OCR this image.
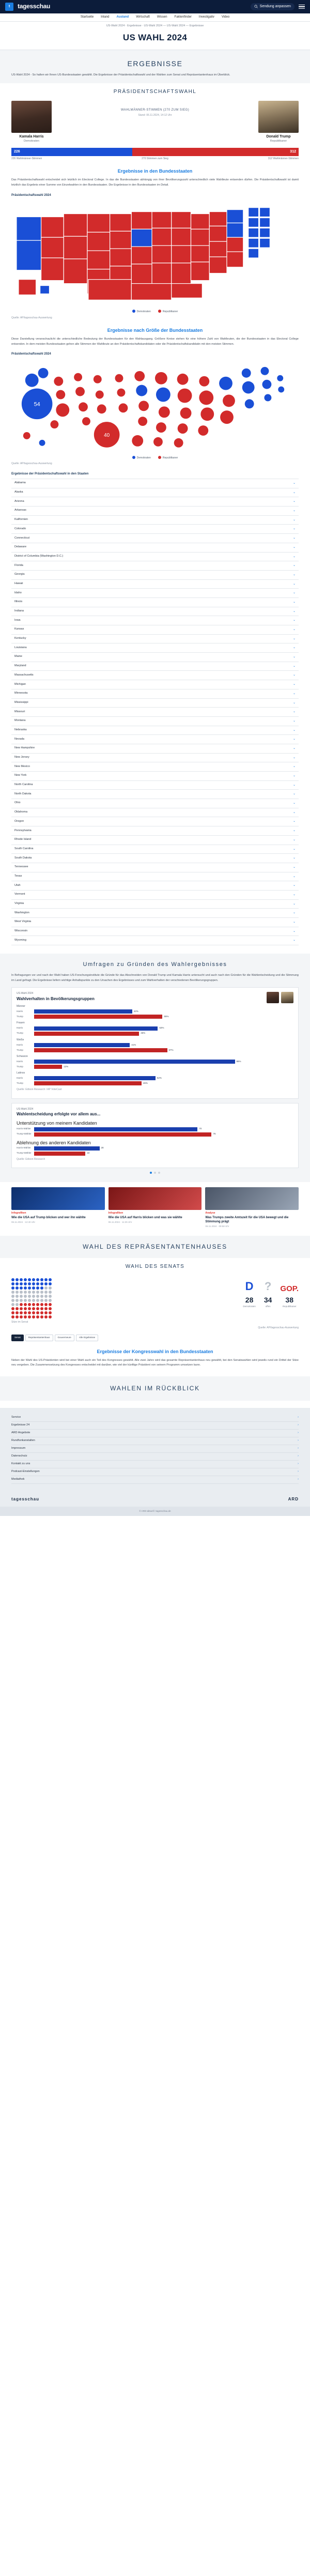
t	tagesschau	Sendung anpassen
Startseite Inland Ausland Wirtschaft Wissen Faktenfinder Investigativ Video
US-Wahl 2024 · Ergebnisse · US-Wahl 2024 — US-Wahl 2024 — Ergebnisse
US WAHL 2024
ERGEBNISSE

US-Wahl 2024 - So halten wir Ihnen US-Bundesstaaten gewählt. Die Ergebnisse der Präsidentschaftswahl und der Wahlen zum Senat und Repräsentantenhaus im Überblick.

PRÄSIDENTSCHAFTSWAHL
Kamala Harris
Demokraten
WAHLMÄNNER-STIMMEN (270 ZUM SIEG)
Stand: 06.11.2024, 14:12 Uhr
Donald Trump
Republikaner
226	312
226 Wahlmänner-Stimmen	270 Stimmen zum Sieg	312 Wahlmänner-Stimmen
Ergebnisse in den Bundesstaaten

Das Präsidentschaftswahl entscheidet sich letztlich im Electoral College. In das die Bundesstaaten abhängig von ihrer Bevölkerungszahl unterschiedlich viele Wahlleute entsenden dürfen. Die Präsidentschaftswahl ist damit letztlich das Ergebnis einer Summe von Einzelwahlen in den Bundesstaaten. Die Ergebnisse in den Bundesstaaten im Detail.

Präsidentschaftswahl 2024
Demokraten	Republikaner
Quelle: AP/tagesschau-Auswertung
Ergebnisse nach Größe der Bundesstaaten

Diese Darstellung veranschaulicht die unterschiedliche Bedeutung der Bundesstaaten für den Wahlausgang. Größere Kreise stehen für eine höhere Zahl von Wahlleuten, die der Bundesstaaten in das Electoral College entsenden. In dem meisten Bundesstaaten gehen alle Stimmen der Wahlleute an den Präsidentschaftskandidaten oder die Präsidentschaftskandidatin mit den meisten Stimmen.

Präsidentschaftswahl 2024
54
40
Demokraten	Republikaner
Quelle: AP/tagesschau-Auswertung
Ergebnisse der Präsidentschaftswahl in den Staaten
Alabama	⌄
Alaska	⌄
Arizona	⌄
Arkansas	⌄
Kalifornien	⌄
Colorado	⌄
Connecticut	⌄
Delaware	⌄
District of Columbia (Washington D.C.)	⌄
Florida	⌄
Georgia	⌄
Hawaii	⌄
Idaho	⌄
Illinois	⌄
Indiana	⌄
Iowa	⌄
Kansas	⌄
Kentucky	⌄
Louisiana	⌄
Maine	⌄
Maryland	⌄
Massachusetts	⌄
Michigan	⌄
Minnesota	⌄
Mississippi	⌄
Missouri	⌄
Montana	⌄
Nebraska	⌄
Nevada	⌄
New Hampshire	⌄
New Jersey	⌄
New Mexico	⌄
New York	⌄
North Carolina	⌄
North Dakota	⌄
Ohio	⌄
Oklahoma	⌄
Oregon	⌄
Pennsylvania	⌄
Rhode Island	⌄
South Carolina	⌄
South Dakota	⌄
Tennessee	⌄
Texas	⌄
Utah	⌄
Vermont	⌄
Virginia	⌄
Washington	⌄
West Virginia	⌄
Wisconsin	⌄
Wyoming	⌄
Umfragen zu Gründen des Wahlergebnisses

In Befragungen vor und nach der Wahl haben US-Forschungsinstitute die Gründe für das Abschneiden von Donald Trump und Kamala Harris untersucht und auch nach den Gründen für die Wahlentscheidung und die Stimmung im Land gefragt. Die Ergebnisse liefern wichtige Anhaltspunkte zu den Ursachen des Ergebnisses und zum Wahlverhalten der verschiedenen Bevölkerungsgruppen.

US-Wahl 2024
Wahlverhalten in Bevölkerungsgruppen
Männer
Harris	42%
Trump	55%
Frauen
Harris	53%
Trump	45%
Weiße
Harris	41%
Trump	57%
Schwarze
Harris	86%
Trump	12%
Latinos
Harris	52%
Trump	46%
Quelle: Edison Research / AP VoteCast
US-Wahl 2024
Wahlentscheidung erfolgte vor allem aus...
Unterstützung von meinem Kandidaten
Harris-Wähler	70
Trump-Wähler	76
Ablehnung des anderen Kandidaten
Harris-Wähler	28
Trump-Wähler	22
Quelle: Edison Research
Infografiken
Wie die USA auf Trump blicken und wer ihn wählte
06.11.2024 · 12:40 Uhr
Infografiken
Wie die USA auf Harris blicken und was sie wählte
06.11.2024 · 11:25 Uhr
Analyse
Was Trumps zweite Amtszeit für die USA bewegt und die Stimmung prägt
06.11.2024 · 09:58 Uhr
WAHL DES REPRÄSENTANTENHAUSES
WAHL DES SENATS
Sitze im Senat
D
28
Demokraten
?
34
offen
GOP.
38
Republikaner
Quelle: AP/tagesschau-Auswertung
Senat	Repräsentantenhaus	Gouverneure	Alle Ergebnisse
Ergebnisse der Kongresswahl in den Bundesstaaten

Neben der Wahl des US-Präsidenten wird bei einer Wahl auch ein Teil des Kongresses gewählt. Alle zwei Jahre wird das gesamte Repräsentantenhaus neu gewählt, bei den Senatswahlen wird jeweils rund ein Drittel der Sitze neu vergeben. Die Zusammensetzung des Kongresses entscheidet mit darüber, wie viel der künftige Präsident von seinem Programm umsetzen kann.

WAHLEN IM RÜCKBLICK
Service	›
Ergebnisse 24	›
ARD Angebote	›
Rundfunkanstalten	›
Impressum	›
Datenschutz	›
Kontakt zu uns	›
Podcast-Einstellungen	›
Mediathek	›
tagesschau	ARD
© ARD-aktuell / tagesschau.de
